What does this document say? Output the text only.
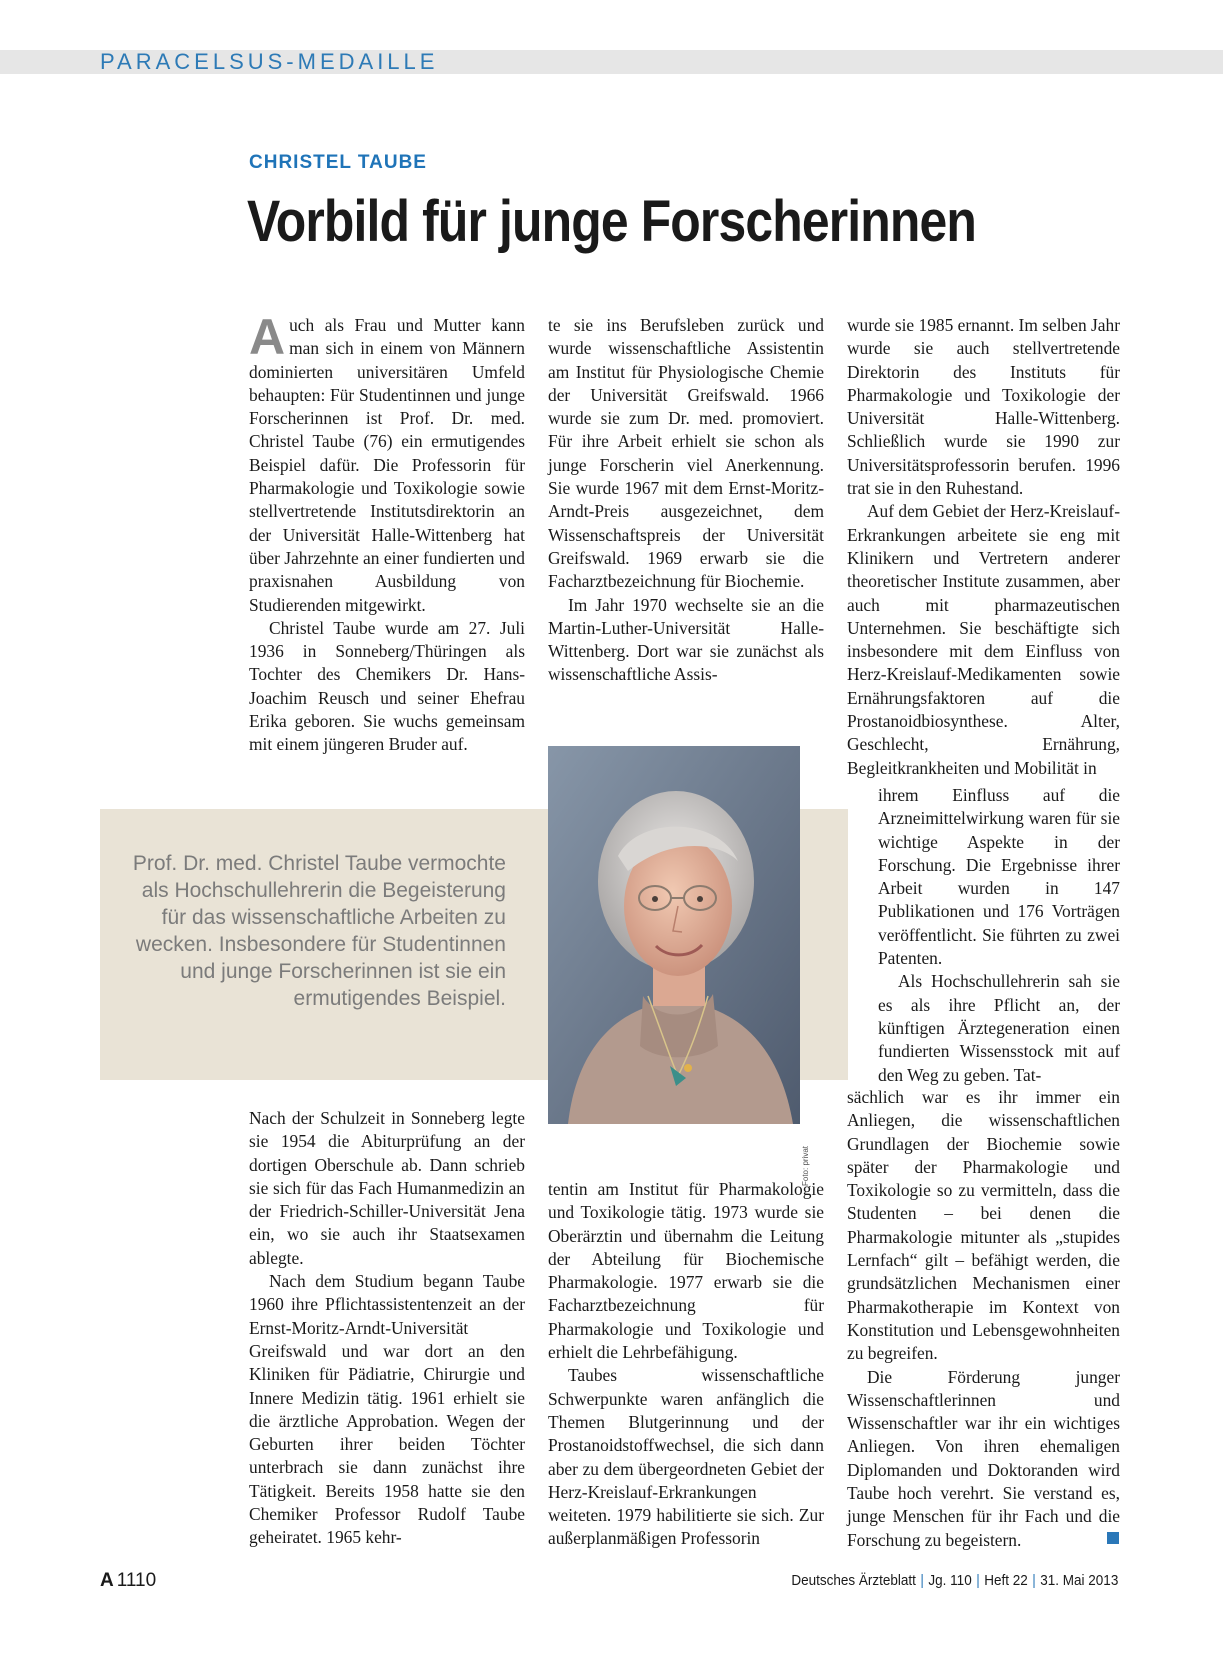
PARACELSUS-MEDAILLE
CHRISTEL TAUBE
Vorbild für junge Forscherinnen

Auch als Frau und Mutter kann man sich in einem von Männern dominierten universitären Umfeld behaupten: Für Studentinnen und junge Forscherinnen ist Prof. Dr. med. Christel Taube (76) ein ermutigendes Beispiel dafür. Die Professorin für Pharmakologie und Toxikologie sowie stellvertretende Institutsdirektorin an der Universität Halle-Wittenberg hat über Jahrzehnte an einer fundierten und praxisnahen Ausbildung von Studierenden mitgewirkt.

Christel Taube wurde am 27. Juli 1936 in Sonneberg/Thüringen als Tochter des Chemikers Dr. Hans-Joachim Reusch und seiner Ehefrau Erika geboren. Sie wuchs gemeinsam mit einem jüngeren Bruder auf.

Prof. Dr. med. Christel Taube vermochte als Hochschullehrerin die Begeisterung für das wissenschaftliche Arbeiten zu wecken. Insbesondere für Studentinnen und junge Forscherinnen ist sie ein ermutigendes Beispiel.

Nach der Schulzeit in Sonneberg legte sie 1954 die Abiturprüfung an der dortigen Oberschule ab. Dann schrieb sie sich für das Fach Humanmedizin an der Friedrich-Schiller-Universität Jena ein, wo sie auch ihr Staatsexamen ablegte.

Nach dem Studium begann Taube 1960 ihre Pflichtassistentenzeit an der Ernst-Moritz-Arndt-Universität Greifswald und war dort an den Kliniken für Pädiatrie, Chirurgie und Innere Medizin tätig. 1961 erhielt sie die ärztliche Approbation. Wegen der Geburten ihrer beiden Töchter unterbrach sie dann zunächst ihre Tätigkeit. Bereits 1958 hatte sie den Chemiker Professor Rudolf Taube geheiratet. 1965 kehr-

te sie ins Berufsleben zurück und wurde wissenschaftliche Assistentin am Institut für Physiologische Chemie der Universität Greifswald. 1966 wurde sie zum Dr. med. promoviert. Für ihre Arbeit erhielt sie schon als junge Forscherin viel Anerkennung. Sie wurde 1967 mit dem Ernst-Moritz-Arndt-Preis ausgezeichnet, dem Wissenschaftspreis der Universität Greifswald. 1969 erwarb sie die Facharztbezeichnung für Biochemie.

Im Jahr 1970 wechselte sie an die Martin-Luther-Universität Halle-Wittenberg. Dort war sie zunächst als wissenschaftliche Assis-

Foto: privat

tentin am Institut für Pharmakologie und Toxikologie tätig. 1973 wurde sie Oberärztin und übernahm die Leitung der Abteilung für Biochemische Pharmakologie. 1977 erwarb sie die Facharztbezeichnung für Pharmakologie und Toxikologie und erhielt die Lehrbefähigung.

Taubes wissenschaftliche Schwerpunkte waren anfänglich die Themen Blutgerinnung und der Prostanoidstoffwechsel, die sich dann aber zu dem übergeordneten Gebiet der Herz-Kreislauf-Erkrankungen weiteten. 1979 habilitierte sie sich. Zur außerplanmäßigen Professorin

wurde sie 1985 ernannt. Im selben Jahr wurde sie auch stellvertretende Direktorin des Instituts für Pharmakologie und Toxikologie der Universität Halle-Wittenberg. Schließlich wurde sie 1990 zur Universitätsprofessorin berufen. 1996 trat sie in den Ruhestand.

Auf dem Gebiet der Herz-Kreislauf-Erkrankungen arbeitete sie eng mit Klinikern und Vertretern anderer theoretischer Institute zusammen, aber auch mit pharmazeutischen Unternehmen. Sie beschäftigte sich insbesondere mit dem Einfluss von Herz-Kreislauf-Medikamenten sowie Ernährungsfaktoren auf die Prostanoidbiosynthese. Alter, Geschlecht, Ernährung, Begleitkrankheiten und Mobilität in

ihrem Einfluss auf die Arzneimittelwirkung waren für sie wichtige Aspekte in der Forschung. Die Ergebnisse ihrer Arbeit wurden in 147 Publikationen und 176 Vorträgen veröffentlicht. Sie führten zu zwei Patenten.

Als Hochschullehrerin sah sie es als ihre Pflicht an, der künftigen Ärztegeneration einen fundierten Wissensstock mit auf den Weg zu geben. Tat-

sächlich war es ihr immer ein Anliegen, die wissenschaftlichen Grundlagen der Biochemie sowie später der Pharmakologie und Toxikologie so zu vermitteln, dass die Studenten – bei denen die Pharmakologie mitunter als „stupides Lernfach“ gilt – befähigt werden, die grundsätzlichen Mechanismen einer Pharmakotherapie im Kontext von Konstitution und Lebensgewohnheiten zu begreifen.

Die Förderung junger Wissenschaftlerinnen und Wissenschaftler war ihr ein wichtiges Anliegen. Von ihren ehemaligen Diplomanden und Doktoranden wird Taube hoch verehrt. Sie verstand es, junge Menschen für ihr Fach und die Forschung zu begeistern.

A 1110	Deutsches Ärzteblatt | Jg. 110 | Heft 22 | 31. Mai 2013
